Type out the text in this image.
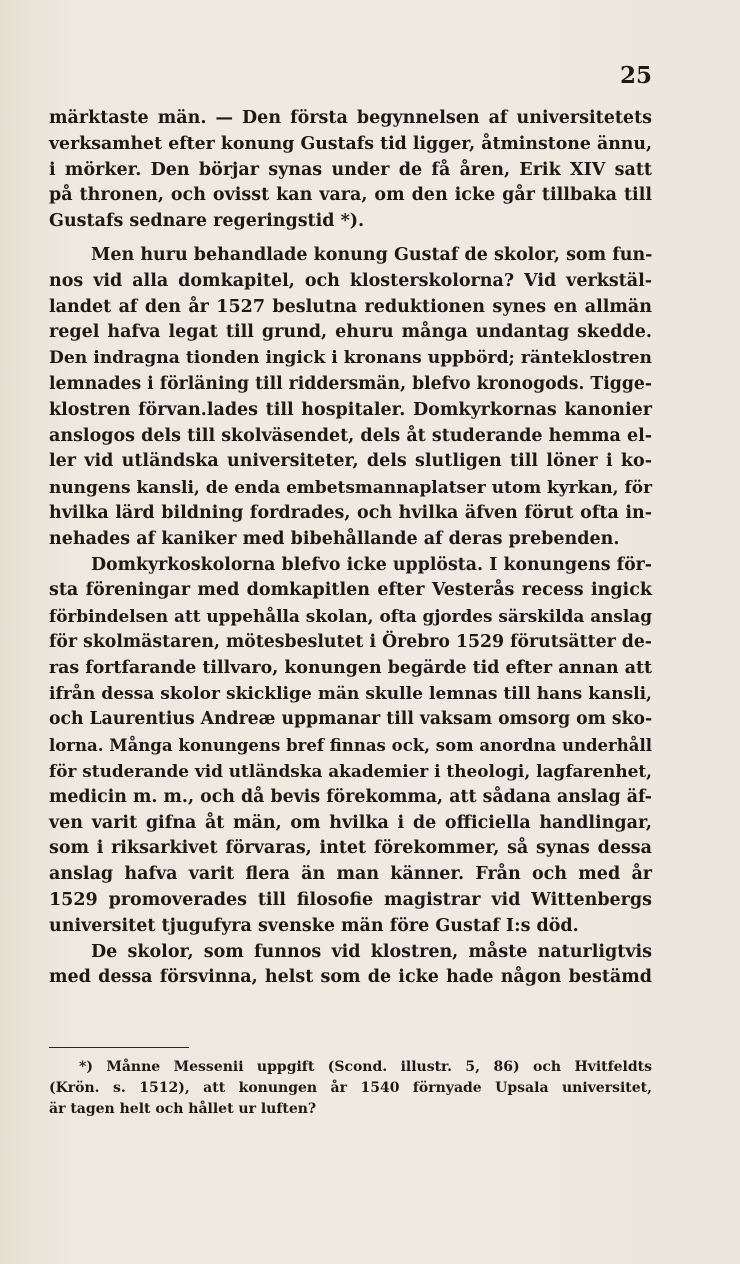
25

märktaste män. — Den första begynnelsen af universitetets
verksamhet efter konung Gustafs tid ligger, åtminstone ännu,
i mörker. Den börjar synas under de få åren, Erik XIV satt
på thronen, och ovisst kan vara, om den icke går tillbaka till
Gustafs sednare regeringstid *).

Men huru behandlade konung Gustaf de skolor, som fun-
nos vid alla domkapitel, och klosterskolorna? Vid verkstäl-
landet af den år 1527 beslutna reduktionen synes en allmän
regel hafva legat till grund, ehuru många undantag skedde.
Den indragna tionden ingick i kronans uppbörd; ränteklostren
lemnades i förläning till riddersmän, blefvo kronogods. Tigge-
klostren förvan.lades till hospitaler. Domkyrkornas kanonier
anslogos dels till skolväsendet, dels åt studerande hemma el-
ler vid utländska universiteter, dels slutligen till löner i ko-
nungens kansli, de enda embetsmannaplatser utom kyrkan, för
hvilka lärd bildning fordrades, och hvilka äfven förut ofta in-
nehades af kaniker med bibehållande af deras prebenden.

Domkyrkoskolorna blefvo icke upplösta. I konungens för-
sta föreningar med domkapitlen efter Vesterås recess ingick
förbindelsen att uppehålla skolan, ofta gjordes särskilda anslag
för skolmästaren, mötesbeslutet i Örebro 1529 förutsätter de-
ras fortfarande tillvaro, konungen begärde tid efter annan att
ifrån dessa skolor skicklige män skulle lemnas till hans kansli,
och Laurentius Andreæ uppmanar till vaksam omsorg om sko-
lorna. Många konungens bref finnas ock, som anordna underhåll
för studerande vid utländska akademier i theologi, lagfarenhet,
medicin m. m., och då bevis förekomma, att sådana anslag äf-
ven varit gifna åt män, om hvilka i de officiella handlingar,
som i riksarkivet förvaras, intet förekommer, så synas dessa
anslag hafva varit flera än man känner. Från och med år
1529 promoverades till filosofie magistrar vid Wittenbergs
universitet tjugufyra svenske män före Gustaf I:s död.

De skolor, som funnos vid klostren, måste naturligtvis
med dessa försvinna, helst som de icke hade någon bestämd

*) Månne Messenii uppgift (Scond. illustr. 5, 86) och Hvitfeldts
(Krön. s. 1512), att konungen år 1540 förnyade Upsala universitet,
är tagen helt och hållet ur luften?
